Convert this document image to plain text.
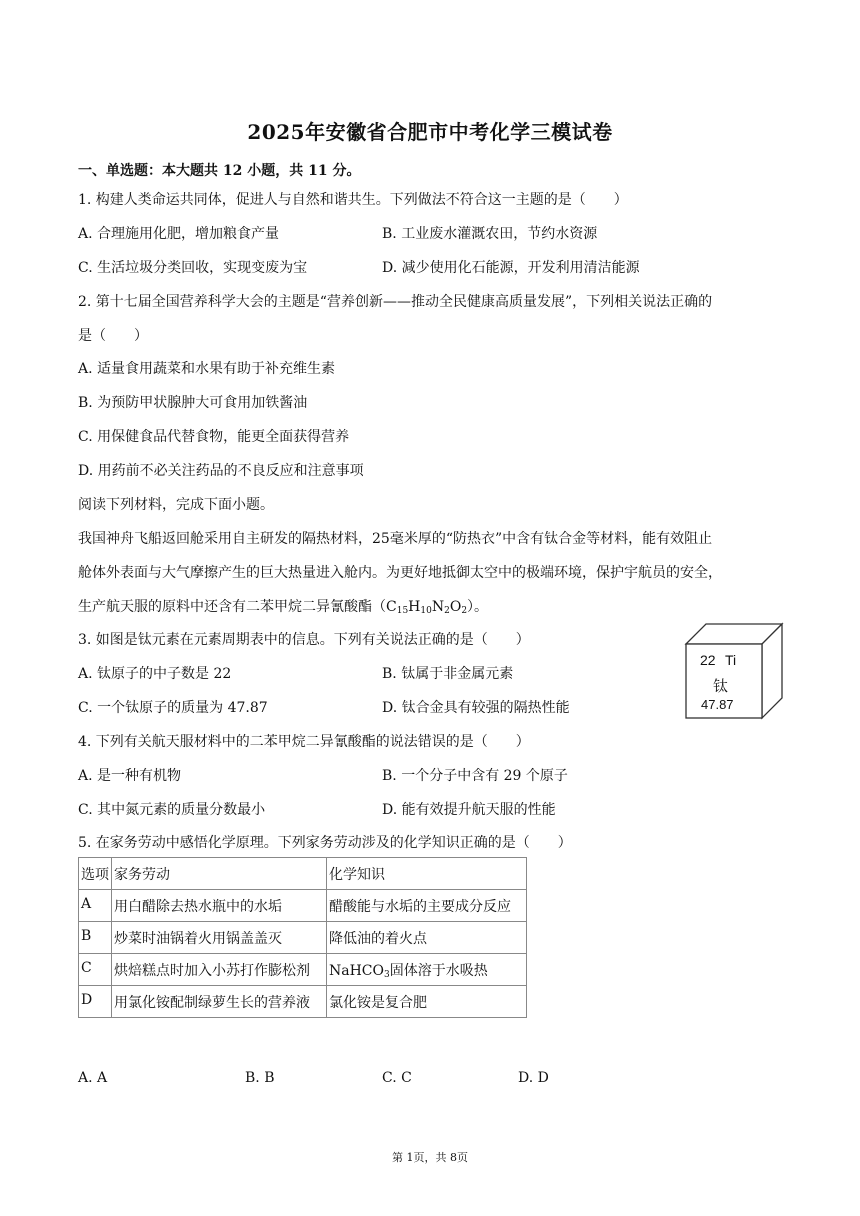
2025年安徽省合肥市中考化学三模试卷
一、单选题：本大题共 12 小题，共 11 分。
1. 构建人类命运共同体，促进人与自然和谐共生。下列做法不符合这一主题的是（　　）
A. 合理施用化肥，增加粮食产量	B. 工业废水灌溉农田，节约水资源
C. 生活垃圾分类回收，实现变废为宝	D. 减少使用化石能源，开发利用清洁能源
2. 第十七届全国营养科学大会的主题是“营养创新——推动全民健康高质量发展”，下列相关说法正确的
是（　　）
A. 适量食用蔬菜和水果有助于补充维生素
B. 为预防甲状腺肿大可食用加铁酱油
C. 用保健食品代替食物，能更全面获得营养
D. 用药前不必关注药品的不良反应和注意事项
阅读下列材料，完成下面小题。
我国神舟飞船返回舱采用自主研发的隔热材料，25毫米厚的“防热衣”中含有钛合金等材料，能有效阻止
舱体外表面与大气摩擦产生的巨大热量进入舱内。为更好地抵御太空中的极端环境，保护宇航员的安全，
生产航天服的原料中还含有二苯甲烷二异氰酸酯$(C_{15}H_{10}N_2O_2)$。
3. 如图是钛元素在元素周期表中的信息。下列有关说法正确的是（　　）
A. 钛原子的中子数是 22	B. 钛属于非金属元素
C. 一个钛原子的质量为 47.87	D. 钛合金具有较强的隔热性能
22 Ti
钛
47.87
4. 下列有关航天服材料中的二苯甲烷二异氰酸酯的说法错误的是（　　）
A. 是一种有机物	B. 一个分子中含有 29 个原子
C. 其中氮元素的质量分数最小	D. 能有效提升航天服的性能
5. 在家务劳动中感悟化学原理。下列家务劳动涉及的化学知识正确的是（　　）
选项	家务劳动	化学知识
A	用白醋除去热水瓶中的水垢	醋酸能与水垢的主要成分反应
B	炒菜时油锅着火用锅盖盖灭	降低油的着火点
C	烘焙糕点时加入小苏打作膨松剂	NaHCO$_3$固体溶于水吸热
D	用氯化铵配制绿萝生长的营养液	氯化铵是复合肥
A. A	B. B	C. C	D. D
第 1页，共 8页
